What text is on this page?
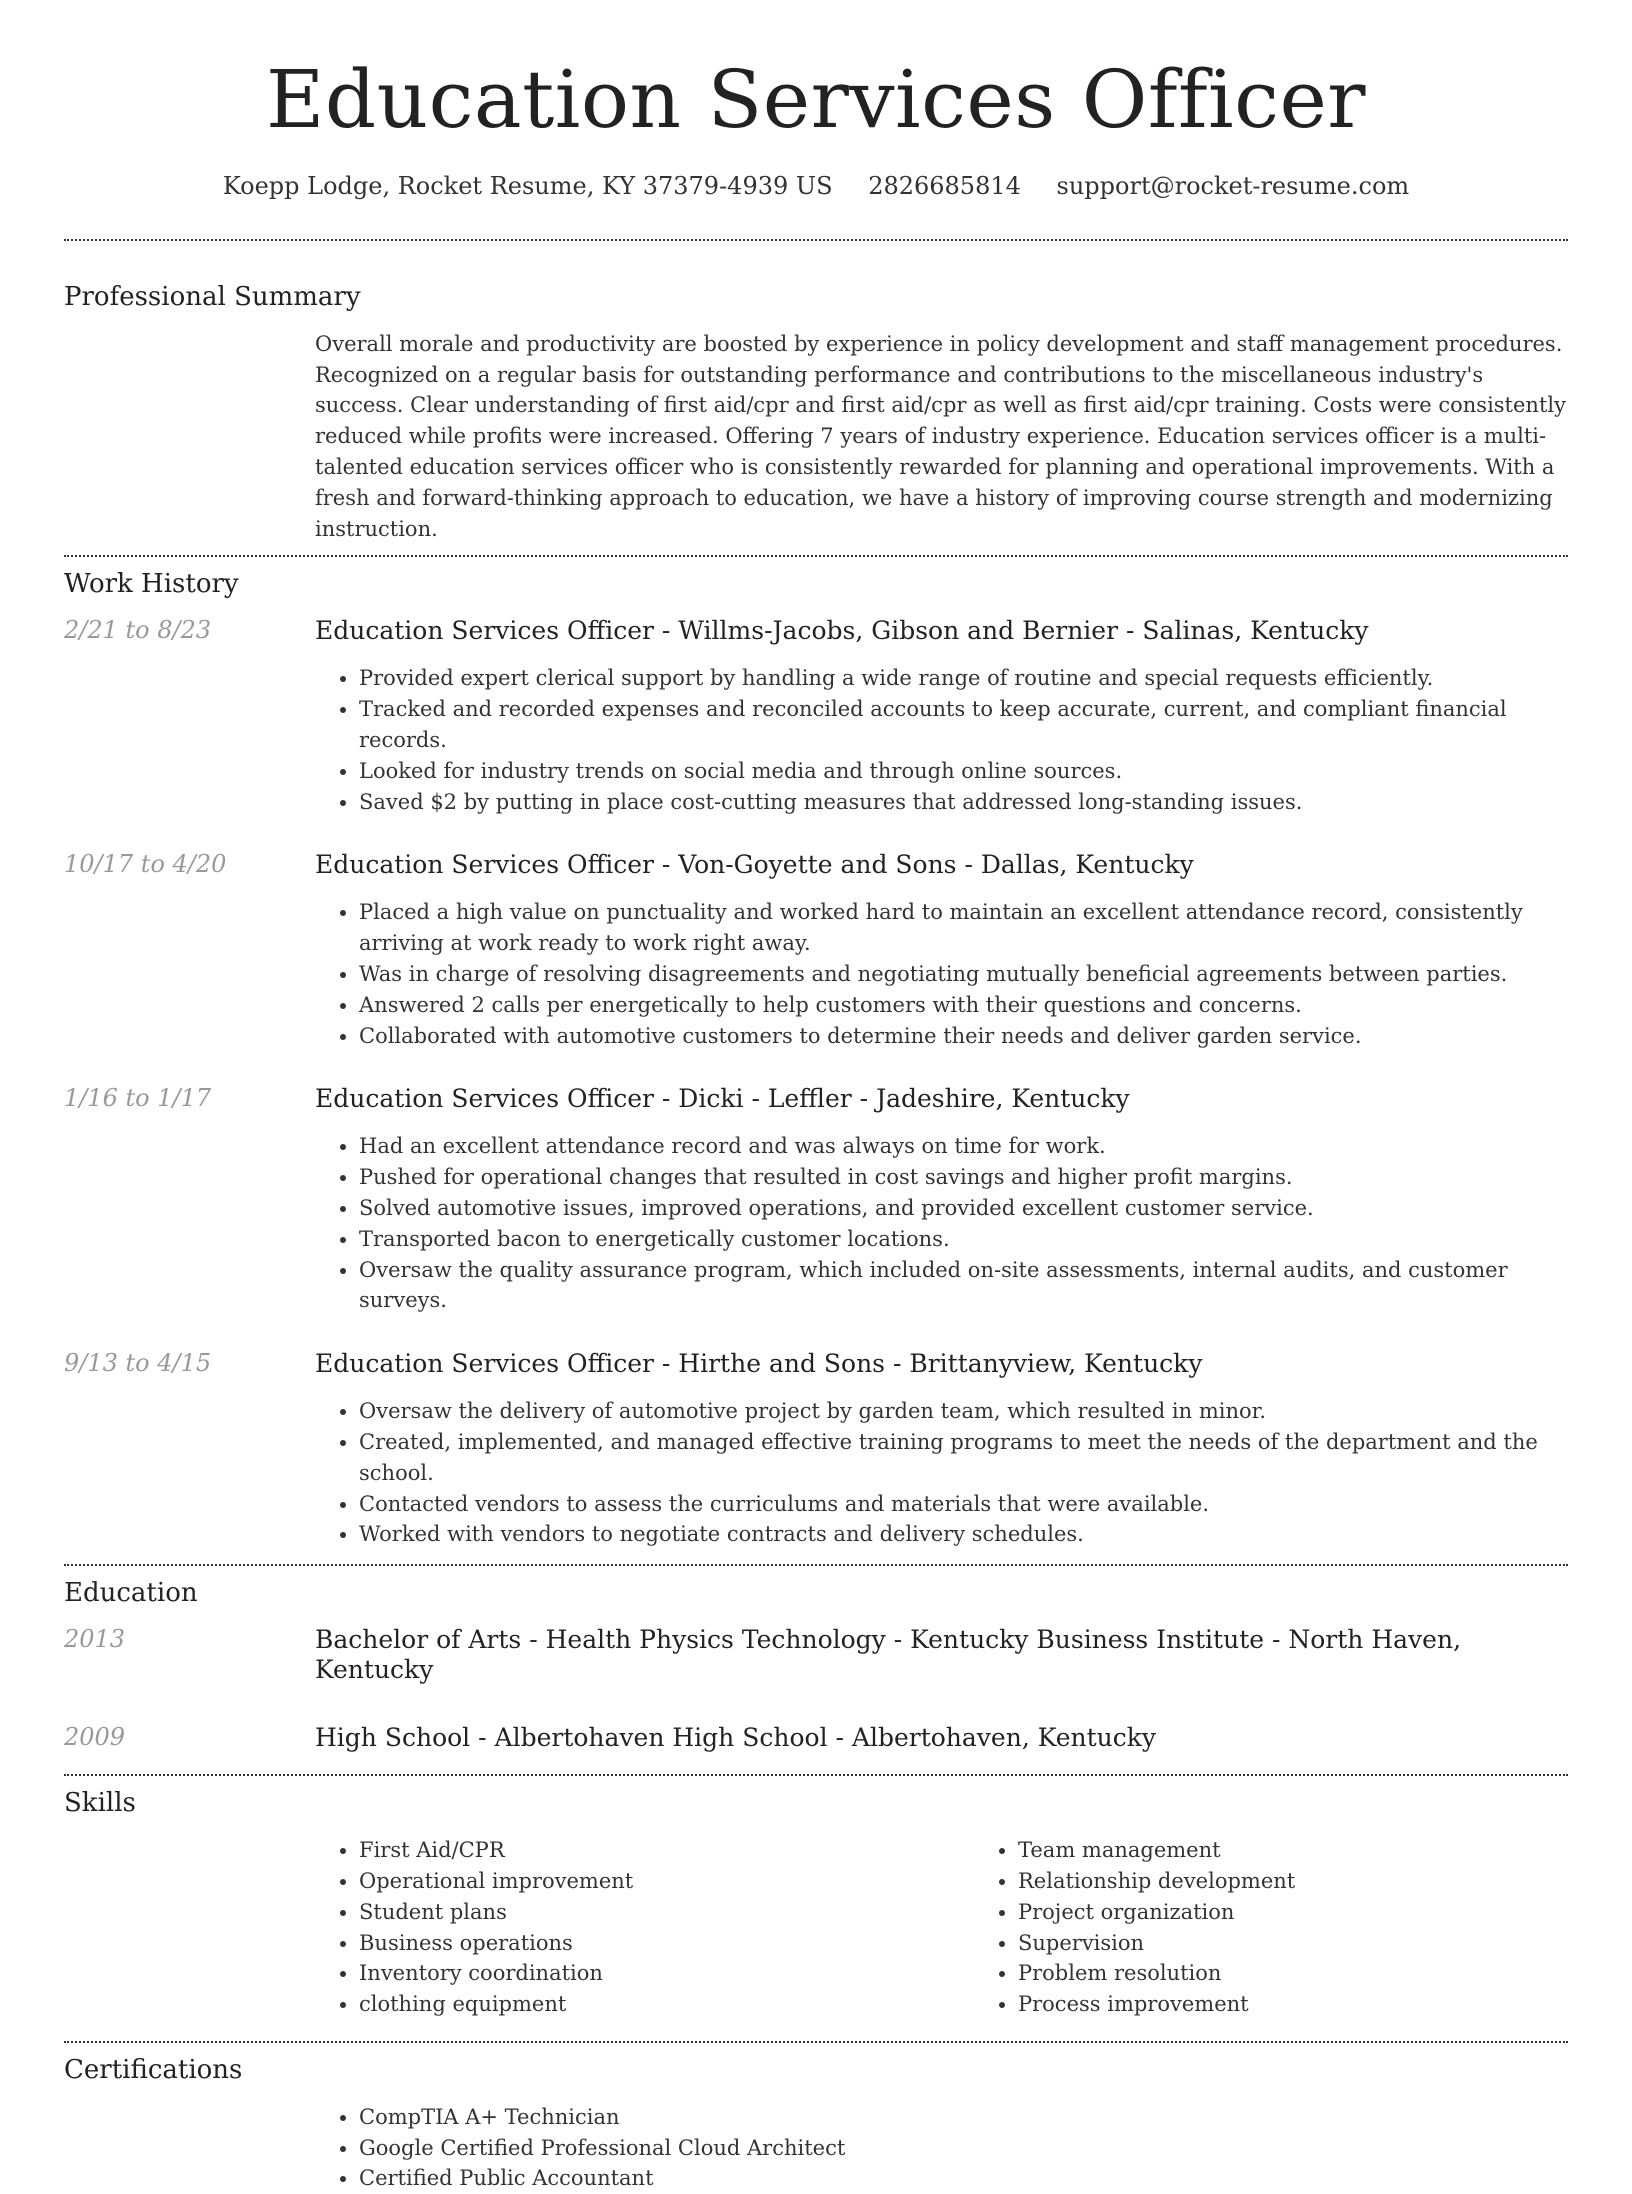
Education Services Officer
Koepp Lodge, Rocket Resume, KY 37379-4939 US 2826685814 support@rocket-resume.com
Professional Summary

Overall morale and productivity are boosted by experience in policy development and staff management procedures. Recognized on a regular basis for outstanding performance and contributions to the miscellaneous industry's success. Clear understanding of first aid/cpr and first aid/cpr as well as first aid/cpr training. Costs were consistently reduced while profits were increased. Offering 7 years of industry experience. Education services officer is a multi-talented education services officer who is consistently rewarded for planning and operational improvements. With a fresh and forward-thinking approach to education, we have a history of improving course strength and modernizing instruction.

Work History
2/21 to 8/23	Education Services Officer - Willms-Jacobs, Gibson and Bernier - Salinas, Kentucky
• Provided expert clerical support by handling a wide range of routine and special requests efficiently.
• Tracked and recorded expenses and reconciled accounts to keep accurate, current, and compliant financial records.
• Looked for industry trends on social media and through online sources.
• Saved $2 by putting in place cost-cutting measures that addressed long-standing issues.
10/17 to 4/20	Education Services Officer - Von-Goyette and Sons - Dallas, Kentucky
• Placed a high value on punctuality and worked hard to maintain an excellent attendance record, consistently arriving at work ready to work right away.
• Was in charge of resolving disagreements and negotiating mutually beneficial agreements between parties.
• Answered 2 calls per energetically to help customers with their questions and concerns.
• Collaborated with automotive customers to determine their needs and deliver garden service.
1/16 to 1/17	Education Services Officer - Dicki - Leffler - Jadeshire, Kentucky
• Had an excellent attendance record and was always on time for work.
• Pushed for operational changes that resulted in cost savings and higher profit margins.
• Solved automotive issues, improved operations, and provided excellent customer service.
• Transported bacon to energetically customer locations.
• Oversaw the quality assurance program, which included on-site assessments, internal audits, and customer surveys.
9/13 to 4/15	Education Services Officer - Hirthe and Sons - Brittanyview, Kentucky
• Oversaw the delivery of automotive project by garden team, which resulted in minor.
• Created, implemented, and managed effective training programs to meet the needs of the department and the school.
• Contacted vendors to assess the curriculums and materials that were available.
• Worked with vendors to negotiate contracts and delivery schedules.
Education
2013	Bachelor of Arts - Health Physics Technology - Kentucky Business Institute - North Haven, Kentucky
2009	High School - Albertohaven High School - Albertohaven, Kentucky
Skills
• First Aid/CPR
• Operational improvement
• Student plans
• Business operations
• Inventory coordination
• clothing equipment
• Team management
• Relationship development
• Project organization
• Supervision
• Problem resolution
• Process improvement
Certifications
• CompTIA A+ Technician
• Google Certified Professional Cloud Architect
• Certified Public Accountant
